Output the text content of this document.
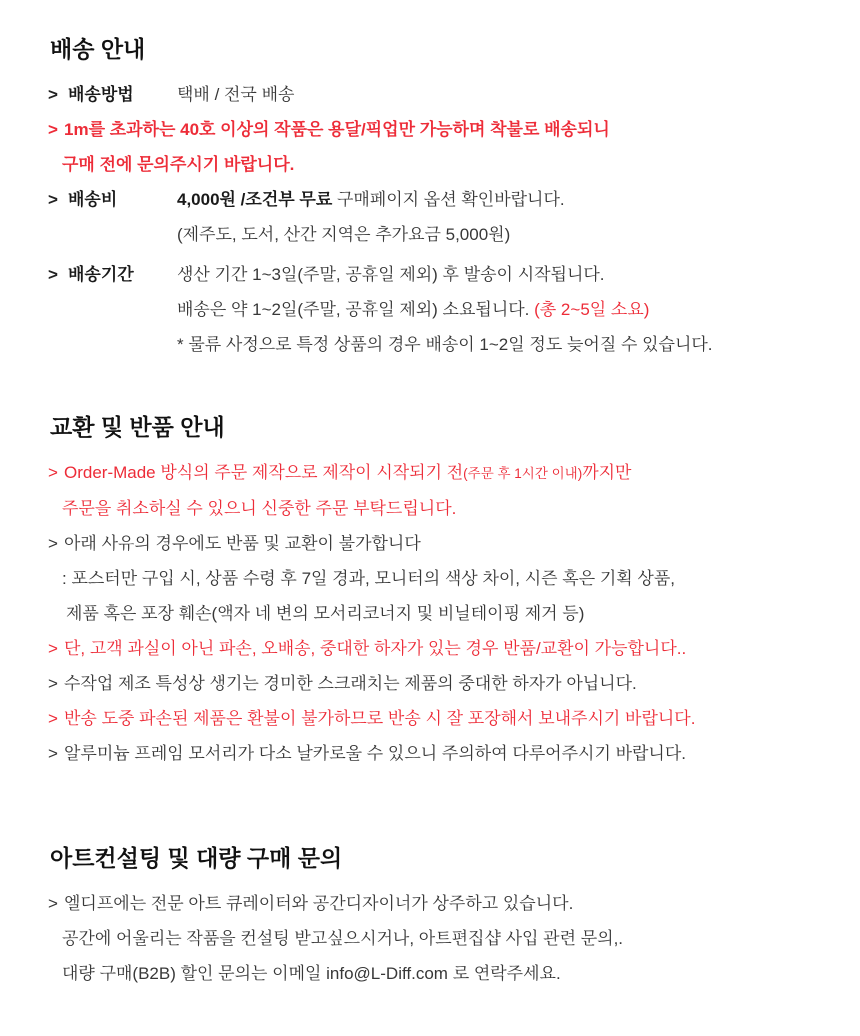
배송 안내
> 배송방법	택배 / 전국 배송
> 1m를 초과하는 40호 이상의 작품은 용달/픽업만 가능하며 착불로 배송되니
구매 전에 문의주시기 바랍니다.
> 배송비	4,000원 /조건부 무료 구매페이지 옵션 확인바랍니다.
(제주도, 도서, 산간 지역은 추가요금 5,000원)
> 배송기간	생산 기간 1~3일(주말, 공휴일 제외) 후 발송이 시작됩니다.
배송은 약 1~2일(주말, 공휴일 제외) 소요됩니다. (총 2~5일 소요)
* 물류 사정으로 특정 상품의 경우 배송이 1~2일 정도 늦어질 수 있습니다.
교환 및 반품 안내
> Order-Made 방식의 주문 제작으로 제작이 시작되기 전(주문 후 1시간 이내)까지만
주문을 취소하실 수 있으니 신중한 주문 부탁드립니다.
> 아래 사유의 경우에도 반품 및 교환이 불가합니다
: 포스터만 구입 시, 상품 수령 후 7일 경과, 모니터의 색상 차이, 시즌 혹은 기획 상품,
제품 혹은 포장 훼손(액자 네 변의 모서리코너지 및 비닐테이핑 제거 등)
> 단, 고객 과실이 아닌 파손, 오배송, 중대한 하자가 있는 경우 반품/교환이 가능합니다..
> 수작업 제조 특성상 생기는 경미한 스크래치는 제품의 중대한 하자가 아닙니다.
> 반송 도중 파손된 제품은 환불이 불가하므로 반송 시 잘 포장해서 보내주시기 바랍니다.
> 알루미늄 프레임 모서리가 다소 날카로울 수 있으니 주의하여 다루어주시기 바랍니다.
아트컨설팅 및 대량 구매 문의
> 엘디프에는 전문 아트 큐레이터와 공간디자이너가 상주하고 있습니다.
공간에 어울리는 작품을 컨설팅 받고싶으시거나, 아트편집샵 사입 관련 문의,.
대량 구매(B2B) 할인 문의는 이메일 info@L-Diff.com 로 연락주세요.
